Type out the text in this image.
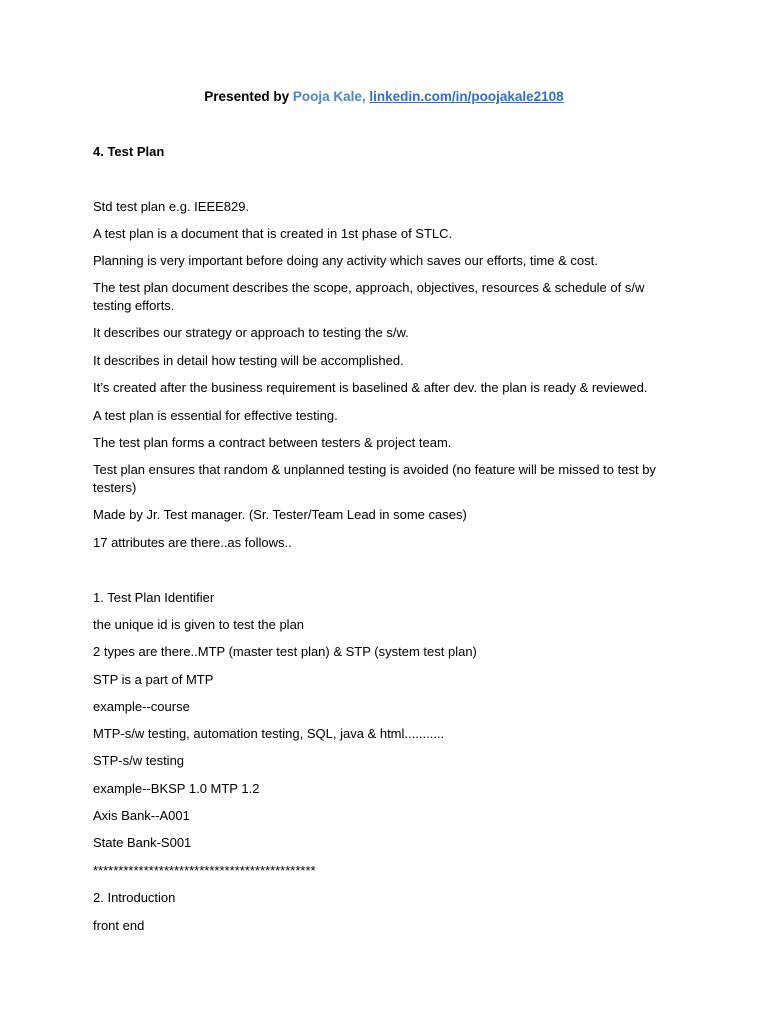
Presented by Pooja Kale, linkedin.com/in/poojakale2108
4. Test Plan
Std test plan e.g. IEEE829.
A test plan is a document that is created in 1st phase of STLC.
Planning is very important before doing any activity which saves our efforts, time & cost.
The test plan document describes the scope, approach, objectives, resources & schedule of s/w testing efforts.
It describes our strategy or approach to testing the s/w.
It describes in detail how testing will be accomplished.
It’s created after the business requirement is baselined & after dev. the plan is ready & reviewed.
A test plan is essential for effective testing.
The test plan forms a contract between testers & project team.
Test plan ensures that random & unplanned testing is avoided (no feature will be missed to test by testers)
Made by Jr. Test manager. (Sr. Tester/Team Lead in some cases)
17 attributes are there..as follows..
1. Test Plan Identifier
the unique id is given to test the plan
2 types are there..MTP (master test plan) & STP (system test plan)
STP is a part of MTP
example--course
MTP-s/w testing, automation testing, SQL, java & html...........
STP-s/w testing
example--BKSP 1.0 MTP 1.2
Axis Bank--A001
State Bank-S001
********************************************
2. Introduction
front end
